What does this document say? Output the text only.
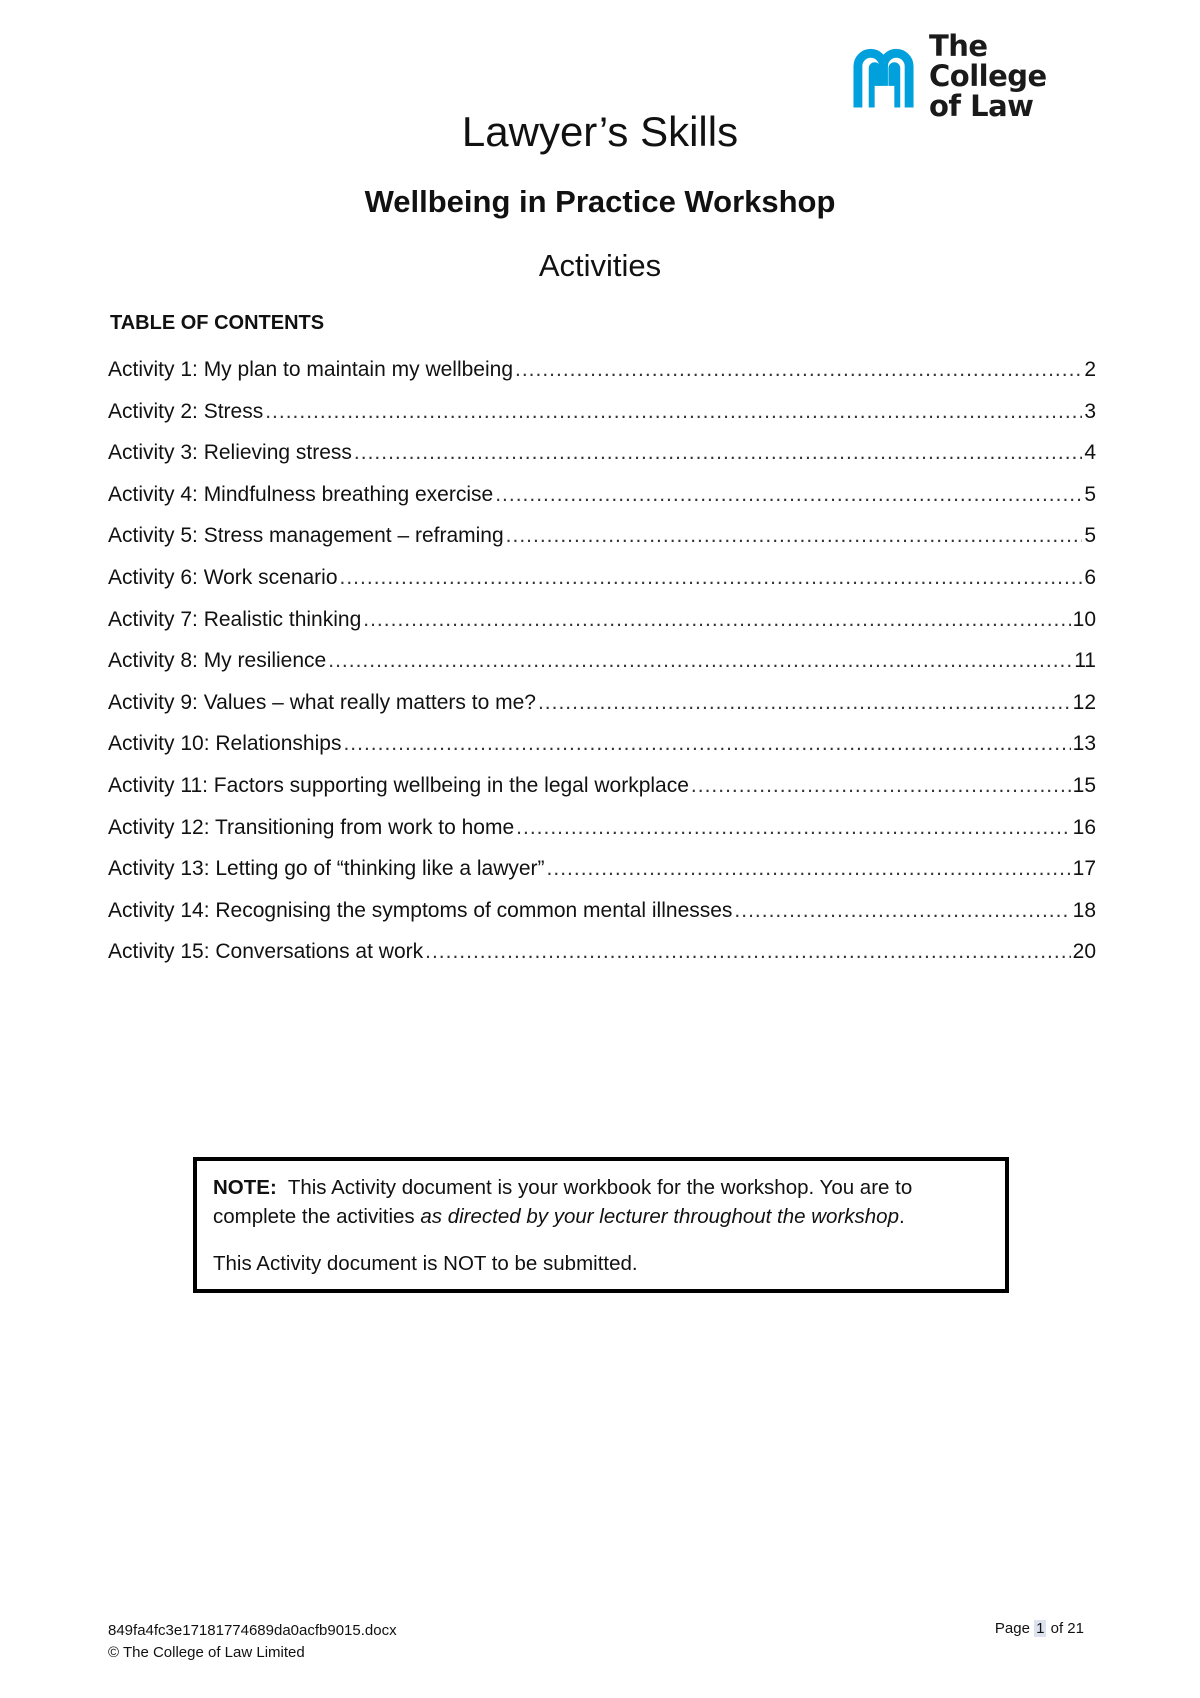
The College
of Law
Lawyer’s Skills
Wellbeing in Practice Workshop
Activities
TABLE OF CONTENTS
Activity 1: My plan to maintain my wellbeing .....	2
Activity 2: Stress .....	3
Activity 3: Relieving stress .....	4
Activity 4: Mindfulness breathing exercise .....	5
Activity 5: Stress management – reframing .....	5
Activity 6: Work scenario .....	6
Activity 7: Realistic thinking .....	10
Activity 8: My resilience .....	11
Activity 9: Values – what really matters to me? .....	12
Activity 10: Relationships .....	13
Activity 11: Factors supporting wellbeing in the legal workplace .....	15
Activity 12: Transitioning from work to home .....	16
Activity 13: Letting go of “thinking like a lawyer” .....	17
Activity 14: Recognising the symptoms of common mental illnesses .....	18
Activity 15: Conversations at work .....	20

NOTE: This Activity document is your workbook for the workshop. You are to complete the activities as directed by your lecturer throughout the workshop.

This Activity document is NOT to be submitted.

849fa4fc3e17181774689da0acfb9015.docx
© The College of Law Limited
Page 1 of 21
